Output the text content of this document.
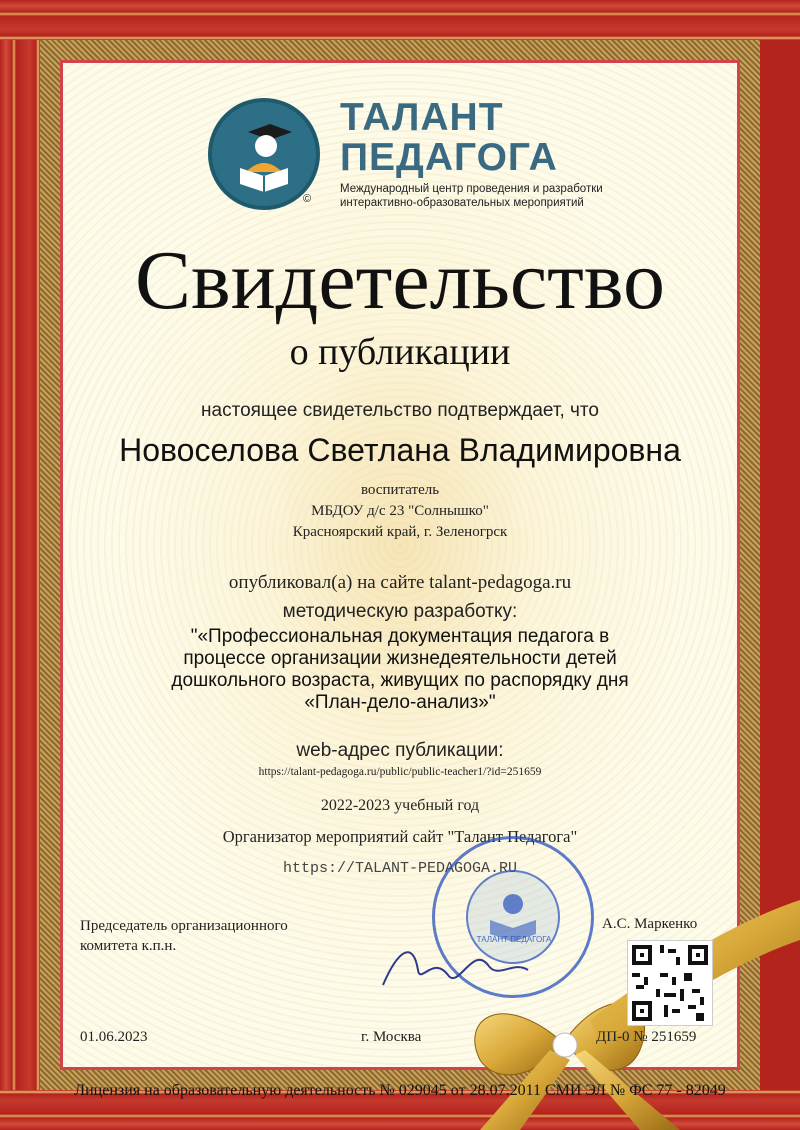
©
ТАЛАНТ
ПЕДАГОГА
Международный центр проведения и разработки интерактивно-образовательных мероприятий
Свидетельство
о публикации
настоящее свидетельство подтверждает, что
Новоселова Светлана Владимировна
воспитатель
МБДОУ д/с 23 "Солнышко"
Красноярский край, г. Зеленогрск
опубликовал(а) на сайте talant-pedagoga.ru
методическую разработку:
"«Профессиональная документация педагога в процессе организации жизнедеятельности детей дошкольного возраста, живущих по распорядку дня «План-дело-анализ»"
web-адрес публикации:
https://talant-pedagoga.ru/public/public-teacher1/?id=251659
2022-2023 учебный год
Организатор мероприятий сайт "Талант Педагога"
https://TALANT-PEDAGOGA.RU
ТАЛАНТ ПЕДАГОГА
Председатель организационного
комитета к.п.н.
А.С. Маркенко
01.06.2023	г. Москва	ДП-0 № 251659
Лицензия на образовательную деятельность № 029045 от 28.07.2011 СМИ ЭЛ № ФС 77 - 82049
